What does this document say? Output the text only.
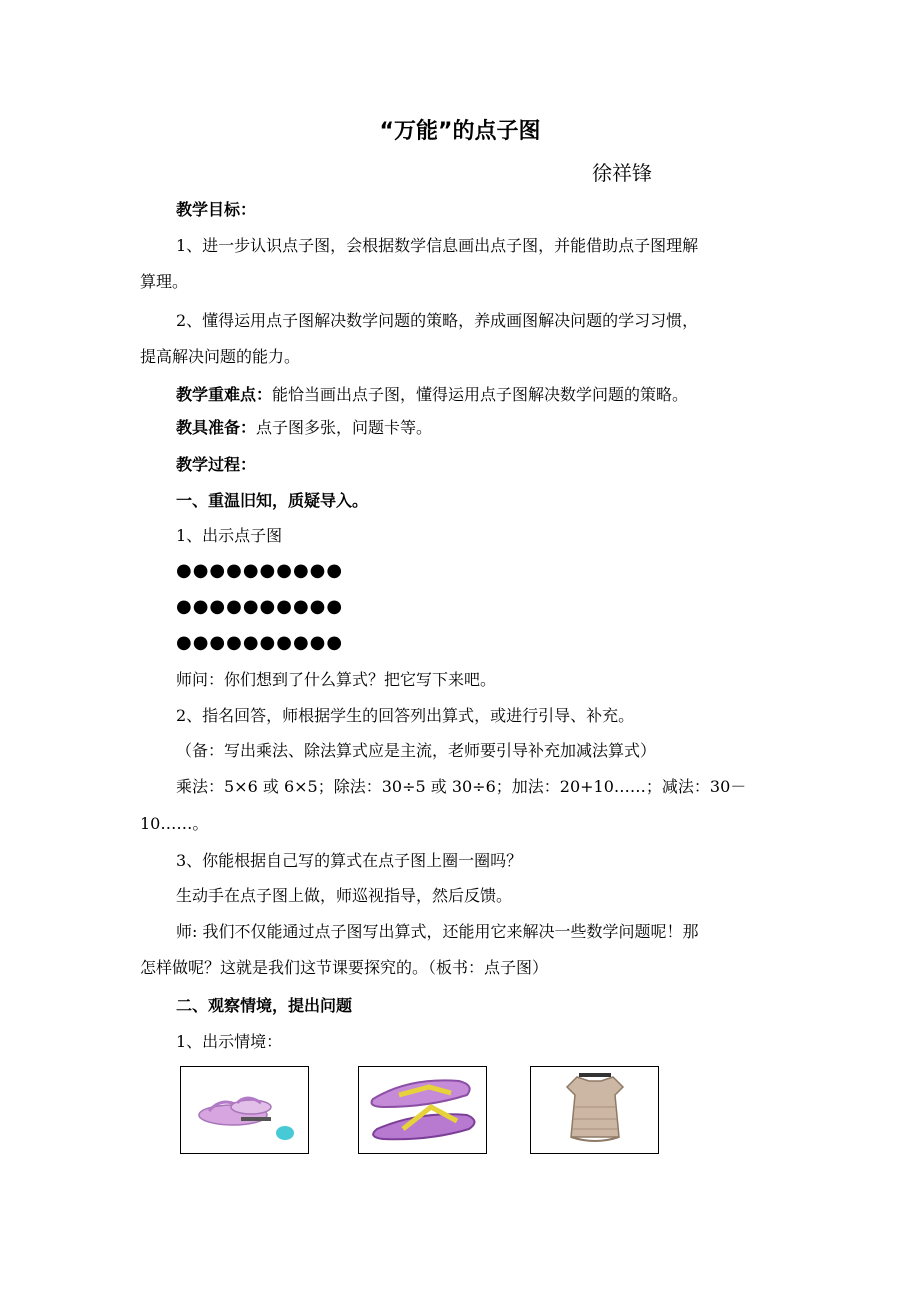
“万能”的点子图
徐祥锋
教学目标：
1、进一步认识点子图，会根据数学信息画出点子图，并能借助点子图理解
算理。
2、懂得运用点子图解决数学问题的策略，养成画图解决问题的学习习惯，
提高解决问题的能力。
教学重难点：能恰当画出点子图，懂得运用点子图解决数学问题的策略。
教具准备：点子图多张，问题卡等。
教学过程：
一、重温旧知，质疑导入。
1、出示点子图
●●●●●●●●●●
●●●●●●●●●●
●●●●●●●●●●
师问：你们想到了什么算式？把它写下来吧。
2、指名回答，师根据学生的回答列出算式，或进行引导、补充。
（备：写出乘法、除法算式应是主流，老师要引导补充加减法算式）
乘法：5×6 或 6×5；除法：30÷5 或 30÷6；加法：20+10……；减法：30－
10……。
3、你能根据自己写的算式在点子图上圈一圈吗？
生动手在点子图上做，师巡视指导，然后反馈。
师: 我们不仅能通过点子图写出算式，还能用它来解决一些数学问题呢！那
怎样做呢？这就是我们这节课要探究的。（板书：点子图）
二、观察情境，提出问题
1、出示情境：
